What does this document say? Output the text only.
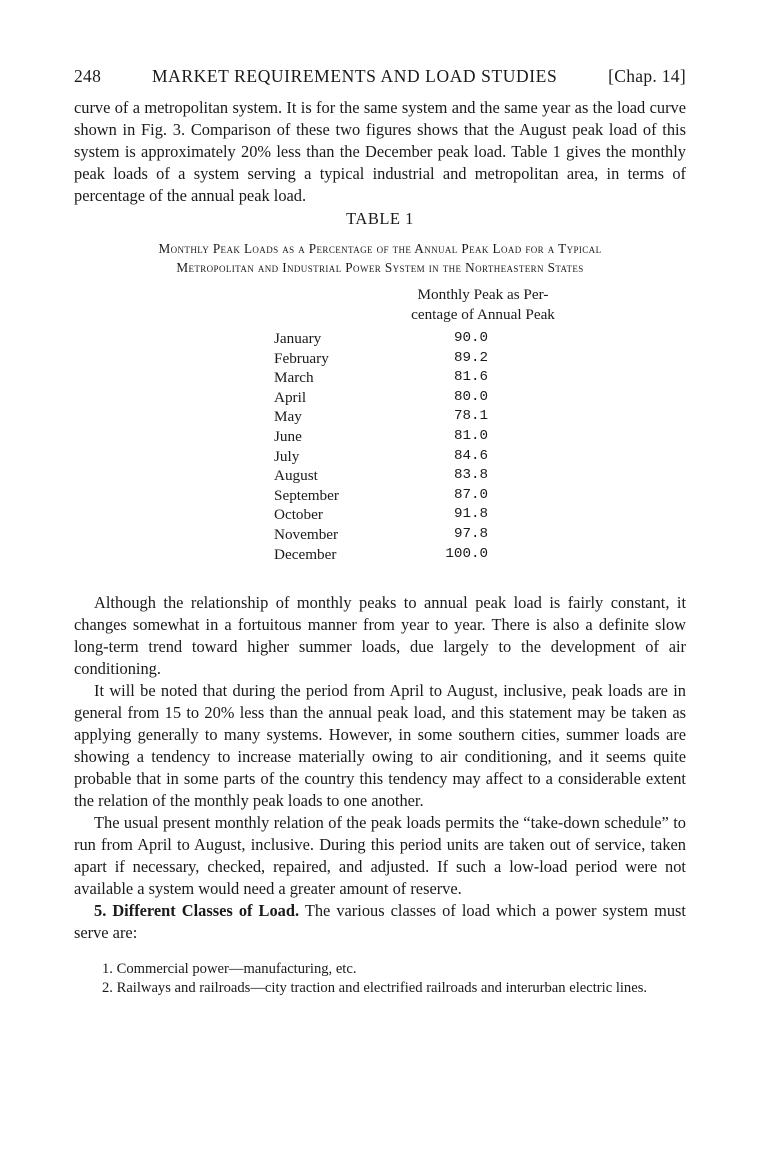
248	MARKET REQUIREMENTS AND LOAD STUDIES	[Chap. 14]

curve of a metropolitan system. It is for the same system and the same year as the load curve shown in Fig. 3. Comparison of these two figures shows that the August peak load of this system is approximately 20% less than the December peak load. Table 1 gives the monthly peak loads of a system serving a typical industrial and metropolitan area, in terms of percentage of the annual peak load.

TABLE 1
Monthly Peak Loads as a Percentage of the Annual Peak Load for a Typical
Metropolitan and Industrial Power System in the Northeastern States
Monthly Peak as Per-
centage of Annual Peak
January	90.0
February	89.2
March	81.6
April	80.0
May	78.1
June	81.0
July	84.6
August	83.8
September	87.0
October	91.8
November	97.8
December	100.0

Although the relationship of monthly peaks to annual peak load is fairly constant, it changes somewhat in a fortuitous manner from year to year. There is also a definite slow long-term trend toward higher summer loads, due largely to the development of air conditioning.

It will be noted that during the period from April to August, inclusive, peak loads are in general from 15 to 20% less than the annual peak load, and this statement may be taken as applying generally to many systems. However, in some southern cities, summer loads are showing a tendency to increase materially owing to air conditioning, and it seems quite probable that in some parts of the country this tendency may affect to a considerable extent the relation of the monthly peak loads to one another.

The usual present monthly relation of the peak loads permits the “take-down schedule” to run from April to August, inclusive. During this period units are taken out of service, taken apart if necessary, checked, repaired, and adjusted. If such a low-load period were not available a system would need a greater amount of reserve.

5. Different Classes of Load. The various classes of load which a power system must serve are:

1. Commercial power—manufacturing, etc.
2. Railways and railroads—city traction and electrified railroads and interurban electric lines.
